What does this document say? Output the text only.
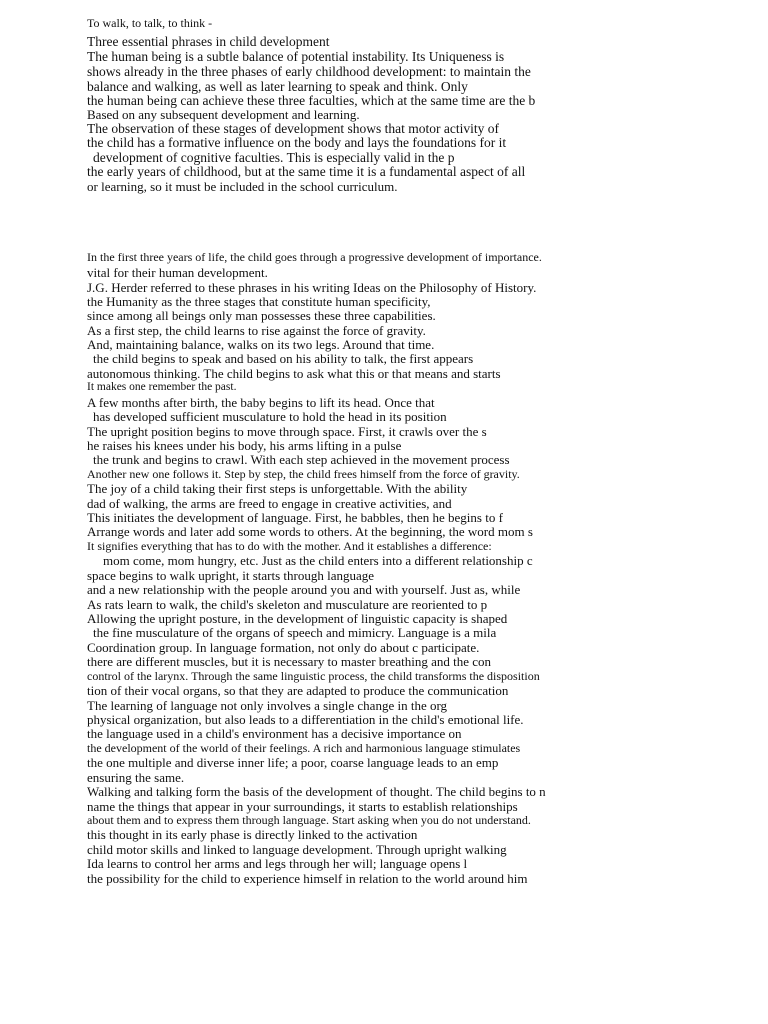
To walk, to talk, to think -
Three essential phrases in child development
The human being is a subtle balance of potential instability. Its Uniqueness is
shows already in the three phases of early childhood development: to maintain the
balance and walking, as well as later learning to speak and think. Only
the human being can achieve these three faculties, which at the same time are the b
Based on any subsequent development and learning.
The observation of these stages of development shows that motor activity of
the child has a formative influence on the body and lays the foundations for it
development of cognitive faculties. This is especially valid in the p
the early years of childhood, but at the same time it is a fundamental aspect of all
or learning, so it must be included in the school curriculum.
In the first three years of life, the child goes through a progressive development of importance.
vital for their human development.
J.G. Herder referred to these phrases in his writing Ideas on the Philosophy of History.
the Humanity as the three stages that constitute human specificity,
since among all beings only man possesses these three capabilities.
As a first step, the child learns to rise against the force of gravity.
And, maintaining balance, walks on its two legs. Around that time.
the child begins to speak and based on his ability to talk, the first appears
autonomous thinking. The child begins to ask what this or that means and starts
It makes one remember the past.
A few months after birth, the baby begins to lift its head. Once that
has developed sufficient musculature to hold the head in its position
The upright position begins to move through space. First, it crawls over the s
he raises his knees under his body, his arms lifting in a pulse
the trunk and begins to crawl. With each step achieved in the movement process
Another new one follows it. Step by step, the child frees himself from the force of gravity.
The joy of a child taking their first steps is unforgettable. With the ability
dad of walking, the arms are freed to engage in creative activities, and
This initiates the development of language. First, he babbles, then he begins to f
Arrange words and later add some words to others. At the beginning, the word mom s
It signifies everything that has to do with the mother. And it establishes a difference:
mom come, mom hungry, etc. Just as the child enters into a different relationship c
space begins to walk upright, it starts through language
and a new relationship with the people around you and with yourself. Just as, while
As rats learn to walk, the child's skeleton and musculature are reoriented to p
Allowing the upright posture, in the development of linguistic capacity is shaped
the fine musculature of the organs of speech and mimicry. Language is a mila
Coordination group. In language formation, not only do about c participate.
there are different muscles, but it is necessary to master breathing and the con
control of the larynx. Through the same linguistic process, the child transforms the disposition
tion of their vocal organs, so that they are adapted to produce the communication
The learning of language not only involves a single change in the org
physical organization, but also leads to a differentiation in the child's emotional life.
the language used in a child's environment has a decisive importance on
the development of the world of their feelings. A rich and harmonious language stimulates
the one multiple and diverse inner life; a poor, coarse language leads to an emp
ensuring the same.
Walking and talking form the basis of the development of thought. The child begins to n
name the things that appear in your surroundings, it starts to establish relationships
about them and to express them through language. Start asking when you do not understand.
this thought in its early phase is directly linked to the activation
child motor skills and linked to language development. Through upright walking
Ida learns to control her arms and legs through her will; language opens l
the possibility for the child to experience himself in relation to the world around him
